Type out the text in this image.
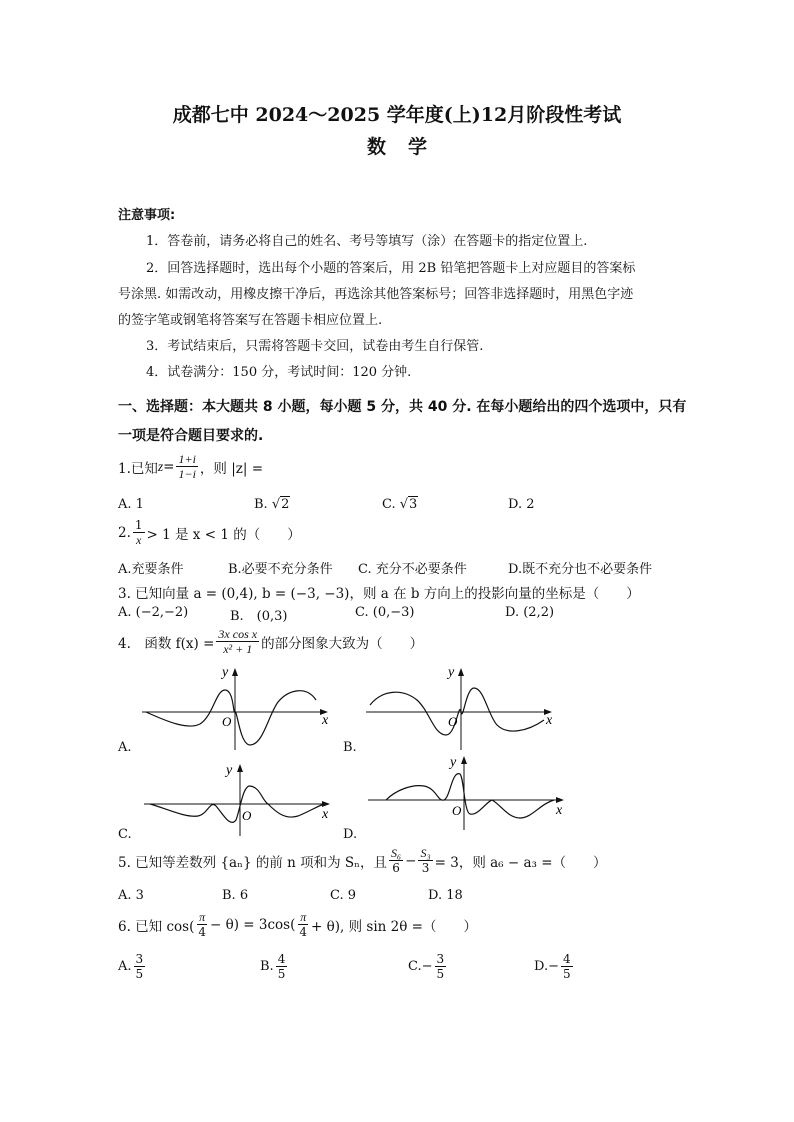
成都七中 2024～2025 学年度(上)12月阶段性考试
数学
注意事项:
1．答卷前，请务必将自己的姓名、考号等填写（涂）在答题卡的指定位置上.
2．回答选择题时，选出每个小题的答案后，用 2B 铅笔把答题卡上对应题目的答案标
号涂黑. 如需改动，用橡皮擦干净后，再选涂其他答案标号；回答非选择题时，用黑色字迹
的签字笔或钢笔将答案写在答题卡相应位置上.
3．考试结束后，只需将答题卡交回，试卷由考生自行保管.
4．试卷满分：150 分，考试时间：120 分钟.
一、选择题：本大题共 8 小题，每小题 5 分，共 40 分. 在每小题给出的四个选项中，只有
一项是符合题目要求的.
1.已知 $z = \frac{1+i}{1-i}$ ，则 |z| =
A. 1	B. √2	C. √3	D. 2
2. $\frac{1}{x} > 1$ 是 x < 1 的（　　）
A.充要条件	B.必要不充分条件 C. 充分不必要条件	D.既不充分也不必要条件
3. 已知向量 a = (0,4), b = (−3, −3)，则 a 在 b 方向上的投影向量的坐标是（　　）
A. (−2,−2)	B.　(0,3)	C. (0,−3)	D. (2,2)
4.　函数 $f(x) = \frac{\text{3x cos x}}{\text{x² + 1}}$ 的部分图象大致为（　　）
O	x
y
A.
O	x
y
B.
O	x
y
C.
O	x
y
D.
5. 已知等差数列 {aₙ} 的前 n 项和为 Sₙ，且 $\frac{\text{S₆}}{6} - \frac{\text{S₃}}{3} = 3$，则 a₆ − a₃ =（　　）
A. 3	B. 6	C. 9	D. 18
6. 已知 $\cos( \frac{\pi}{4} - \theta) = 3\cos( \frac{\pi}{4} + \theta)$, 则 sin 2θ =（　　）
A. $\frac{3}{5}$	B. $\frac{4}{5}$	C. − $\frac{3}{5}$	D. − $\frac{4}{5}$
